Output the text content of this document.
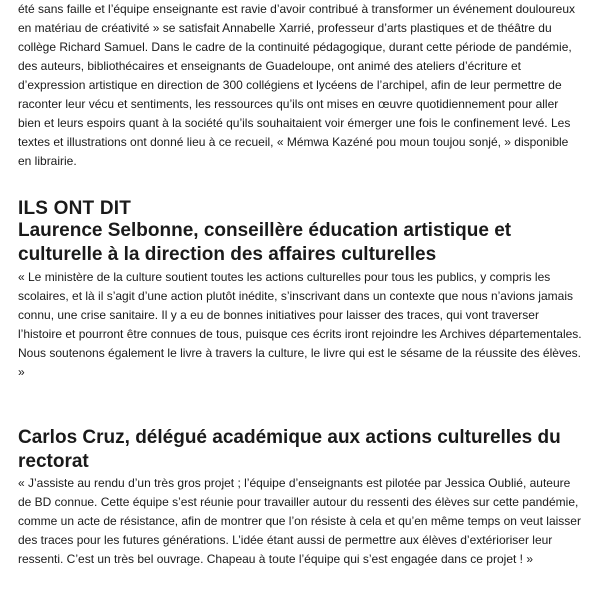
été sans faille et l’équipe enseignante est ravie d’avoir contribué à transformer un événement douloureux en matériau de créativité » se satisfait Annabelle Xarrié, professeur d’arts plastiques et de théâtre du collège Richard Samuel. Dans le cadre de la continuité pédagogique, durant cette période de pandémie, des auteurs, bibliothécaires et enseignants de Guadeloupe, ont animé des ateliers d’écriture et d’expression artistique en direction de 300 collégiens et lycéens de l’archipel, afin de leur permettre de raconter leur vécu et sentiments, les ressources qu’ils ont mises en œuvre quotidiennement pour aller bien et leurs espoirs quant à la société qu’ils souhaitaient voir émerger une fois le confinement levé. Les textes et illustrations ont donné lieu à ce recueil, « Mémwa Kazéné pou moun toujou sonjé, » disponible en librairie.

ILS ONT DIT
Laurence Selbonne, conseillère éducation artistique et culturelle à la direction des affaires culturelles

« Le ministère de la culture soutient toutes les actions culturelles pour tous les publics, y compris les scolaires, et là il s’agit d’une action plutôt inédite, s’inscrivant dans un contexte que nous n’avions jamais connu, une crise sanitaire. Il y a eu de bonnes initiatives pour laisser des traces, qui vont traverser l’histoire et pourront être connues de tous, puisque ces écrits iront rejoindre les Archives départementales. Nous soutenons également le livre à travers la culture, le livre qui est le sésame de la réussite des élèves. »

Carlos Cruz, délégué académique aux actions culturelles du rectorat

« J’assiste au rendu d’un très gros projet ; l’équipe d’enseignants est pilotée par Jessica Oublié, auteure de BD connue. Cette équipe s’est réunie pour travailler autour du ressenti des élèves sur cette pandémie, comme un acte de résistance, afin de montrer que l’on résiste à cela et qu’en même temps on veut laisser des traces pour les futures générations. L’idée étant aussi de permettre aux élèves d’extérioriser leur ressenti. C’est un très bel ouvrage. Chapeau à toute l’équipe qui s’est engagée dans ce projet ! »
